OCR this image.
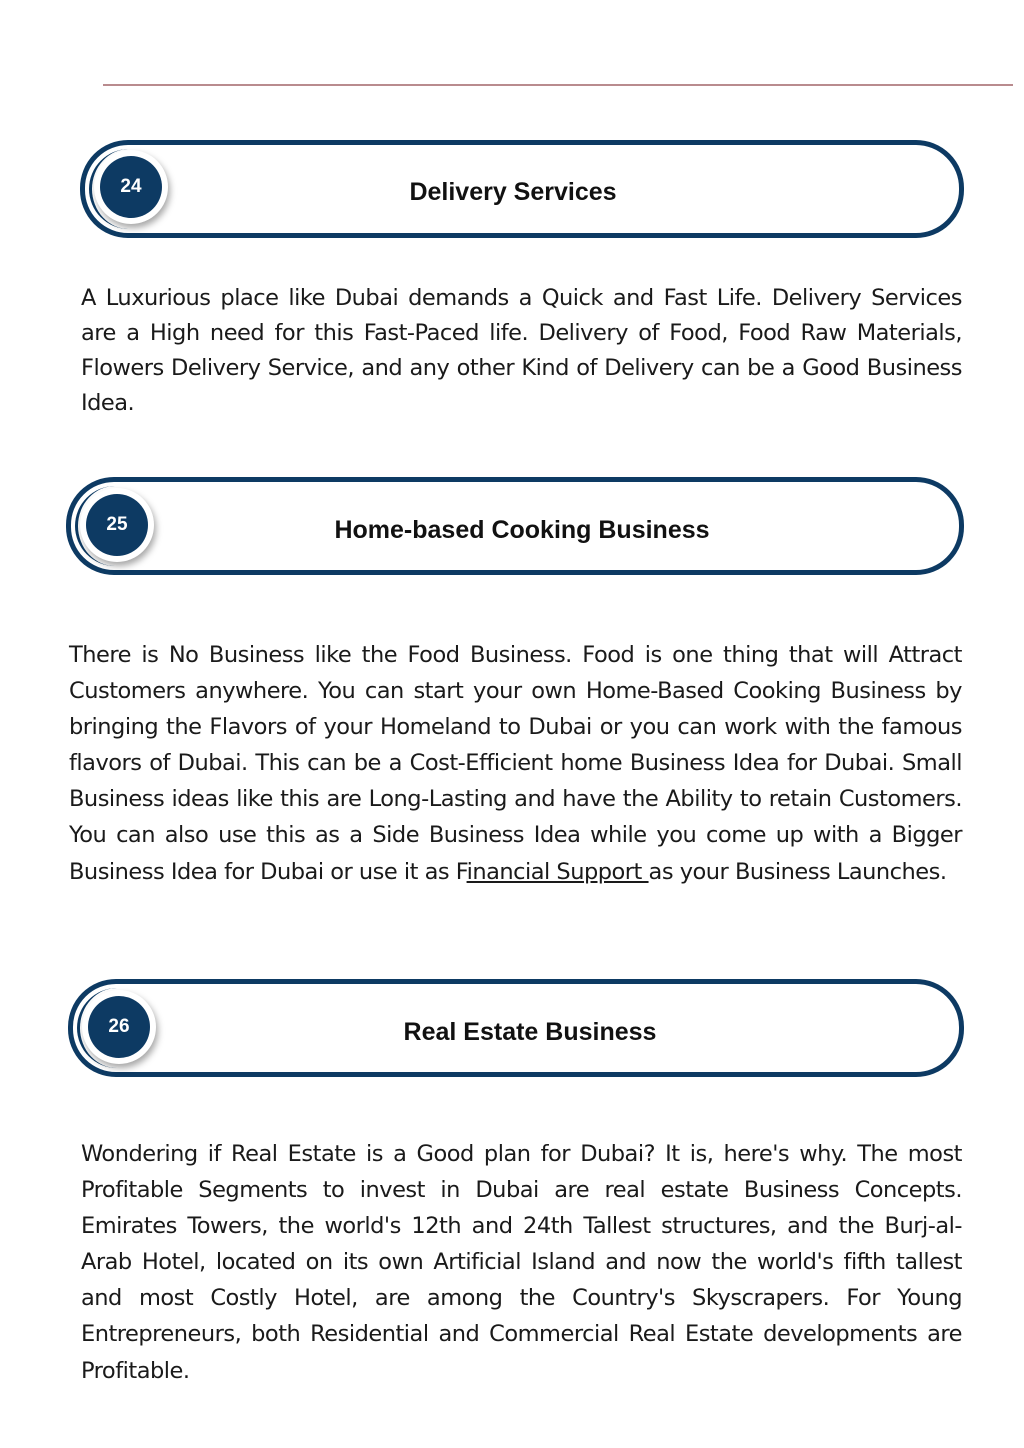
24	Delivery Services

A Luxurious place like Dubai demands a Quick and Fast Life. Delivery Services are a High need for this Fast-Paced life. Delivery of Food, Food Raw Materials, Flowers Delivery Service, and any other Kind of Delivery can be a Good Business Idea.

25	Home-based Cooking Business

There is No Business like the Food Business. Food is one thing that will Attract Customers anywhere. You can start your own Home-Based Cooking Business by bringing the Flavors of your Homeland to Dubai or you can work with the famous flavors of Dubai. This can be a Cost-Efficient home Business Idea for Dubai. Small Business ideas like this are Long-Lasting and have the Ability to retain Customers. You can also use this as a Side Business Idea while you come up with a Bigger Business Idea for Dubai or use it as Financial Support as your Business Launches.

26	Real Estate Business

Wondering if Real Estate is a Good plan for Dubai? It is, here's why. The most Profitable Segments to invest in Dubai are real estate Business Concepts. Emirates Towers, the world's 12th and 24th Tallest structures, and the Burj-al-Arab Hotel, located on its own Artificial Island and now the world's fifth tallest and most Costly Hotel, are among the Country's Skyscrapers. For Young Entrepreneurs, both Residential and Commercial Real Estate developments are Profitable.
